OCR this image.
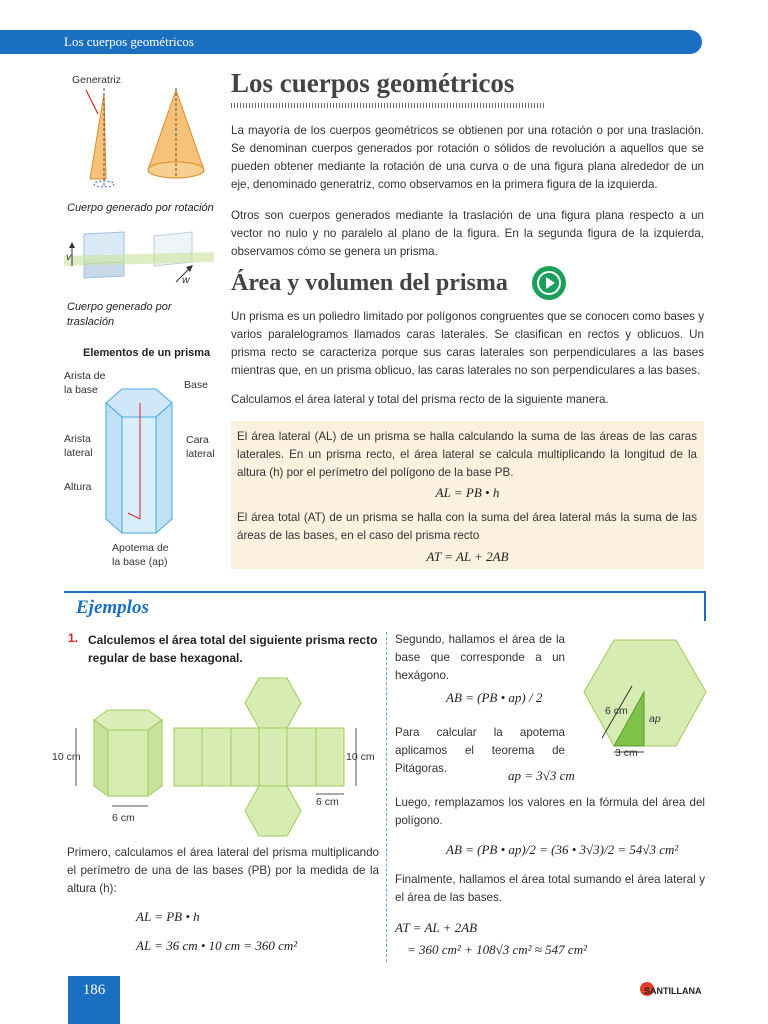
Los cuerpos geométricos
Los cuerpos geométricos
La mayoría de los cuerpos geométricos se obtienen por una rotación o por una traslación. Se denominan cuerpos generados por rotación o sólidos de revolución a aquellos que se pueden obtener mediante la rotación de una curva o de una figura plana alrededor de un eje, denominado generatriz, como observamos en la primera figura de la izquierda.
Otros son cuerpos generados mediante la traslación de una figura plana respecto a un vector no nulo y no paralelo al plano de la figura. En la segunda figura de la izquierda, observamos cómo se genera un prisma.
Generatriz
Cuerpo generado por rotación
v
w
Cuerpo generado por traslación
Elementos de un prisma
Arista de la base	Base
Arista lateral
Cara lateral
Altura
Apotema de la base (ap)
Área y volumen del prisma
Un prisma es un poliedro limitado por polígonos congruentes que se conocen como bases y varios paralelogramos llamados caras laterales. Se clasifican en rectos y oblicuos. Un prisma recto se caracteriza porque sus caras laterales son perpendiculares a las bases mientras que, en un prisma oblicuo, las caras laterales no son perpendiculares a las bases.
Calculamos el área lateral y total del prisma recto de la siguiente manera.
El área lateral (AL) de un prisma se halla calculando la suma de las áreas de las caras laterales. En un prisma recto, el área lateral se calcula multiplicando la longitud de la altura (h) por el perímetro del polígono de la base PB.
AL = PB • h
El área total (AT) de un prisma se halla con la suma del área lateral más la suma de las áreas de las bases, en el caso del prisma recto
AT = AL + 2AB
Ejemplos
1. Calculemos el área total del siguiente prisma recto regular de base hexagonal.
10 cm
6 cm
10 cm
6 cm
Primero, calculamos el área lateral del prisma multiplicando el perímetro de una de las bases (PB) por la medida de la altura (h):
AL = PB • h
AL = 36 cm • 10 cm = 360 cm²
Segundo, hallamos el área de la base que corresponde a un hexágono.
AB = (PB • ap) / 2
Para calcular la apotema aplicamos el teorema de Pitágoras.	ap = 3√3 cm
6 cm
ap
3 cm
Luego, remplazamos los valores en la fórmula del área del polígono.
AB = (PB • ap)/2 = (36 • 3√3)/2 = 54√3 cm²
Finalmente, hallamos el área total sumando el área lateral y el área de las bases.
AT = AL + 2AB
= 360 cm² + 108√3 cm² ≈ 547 cm²
186	SANTILLANA
